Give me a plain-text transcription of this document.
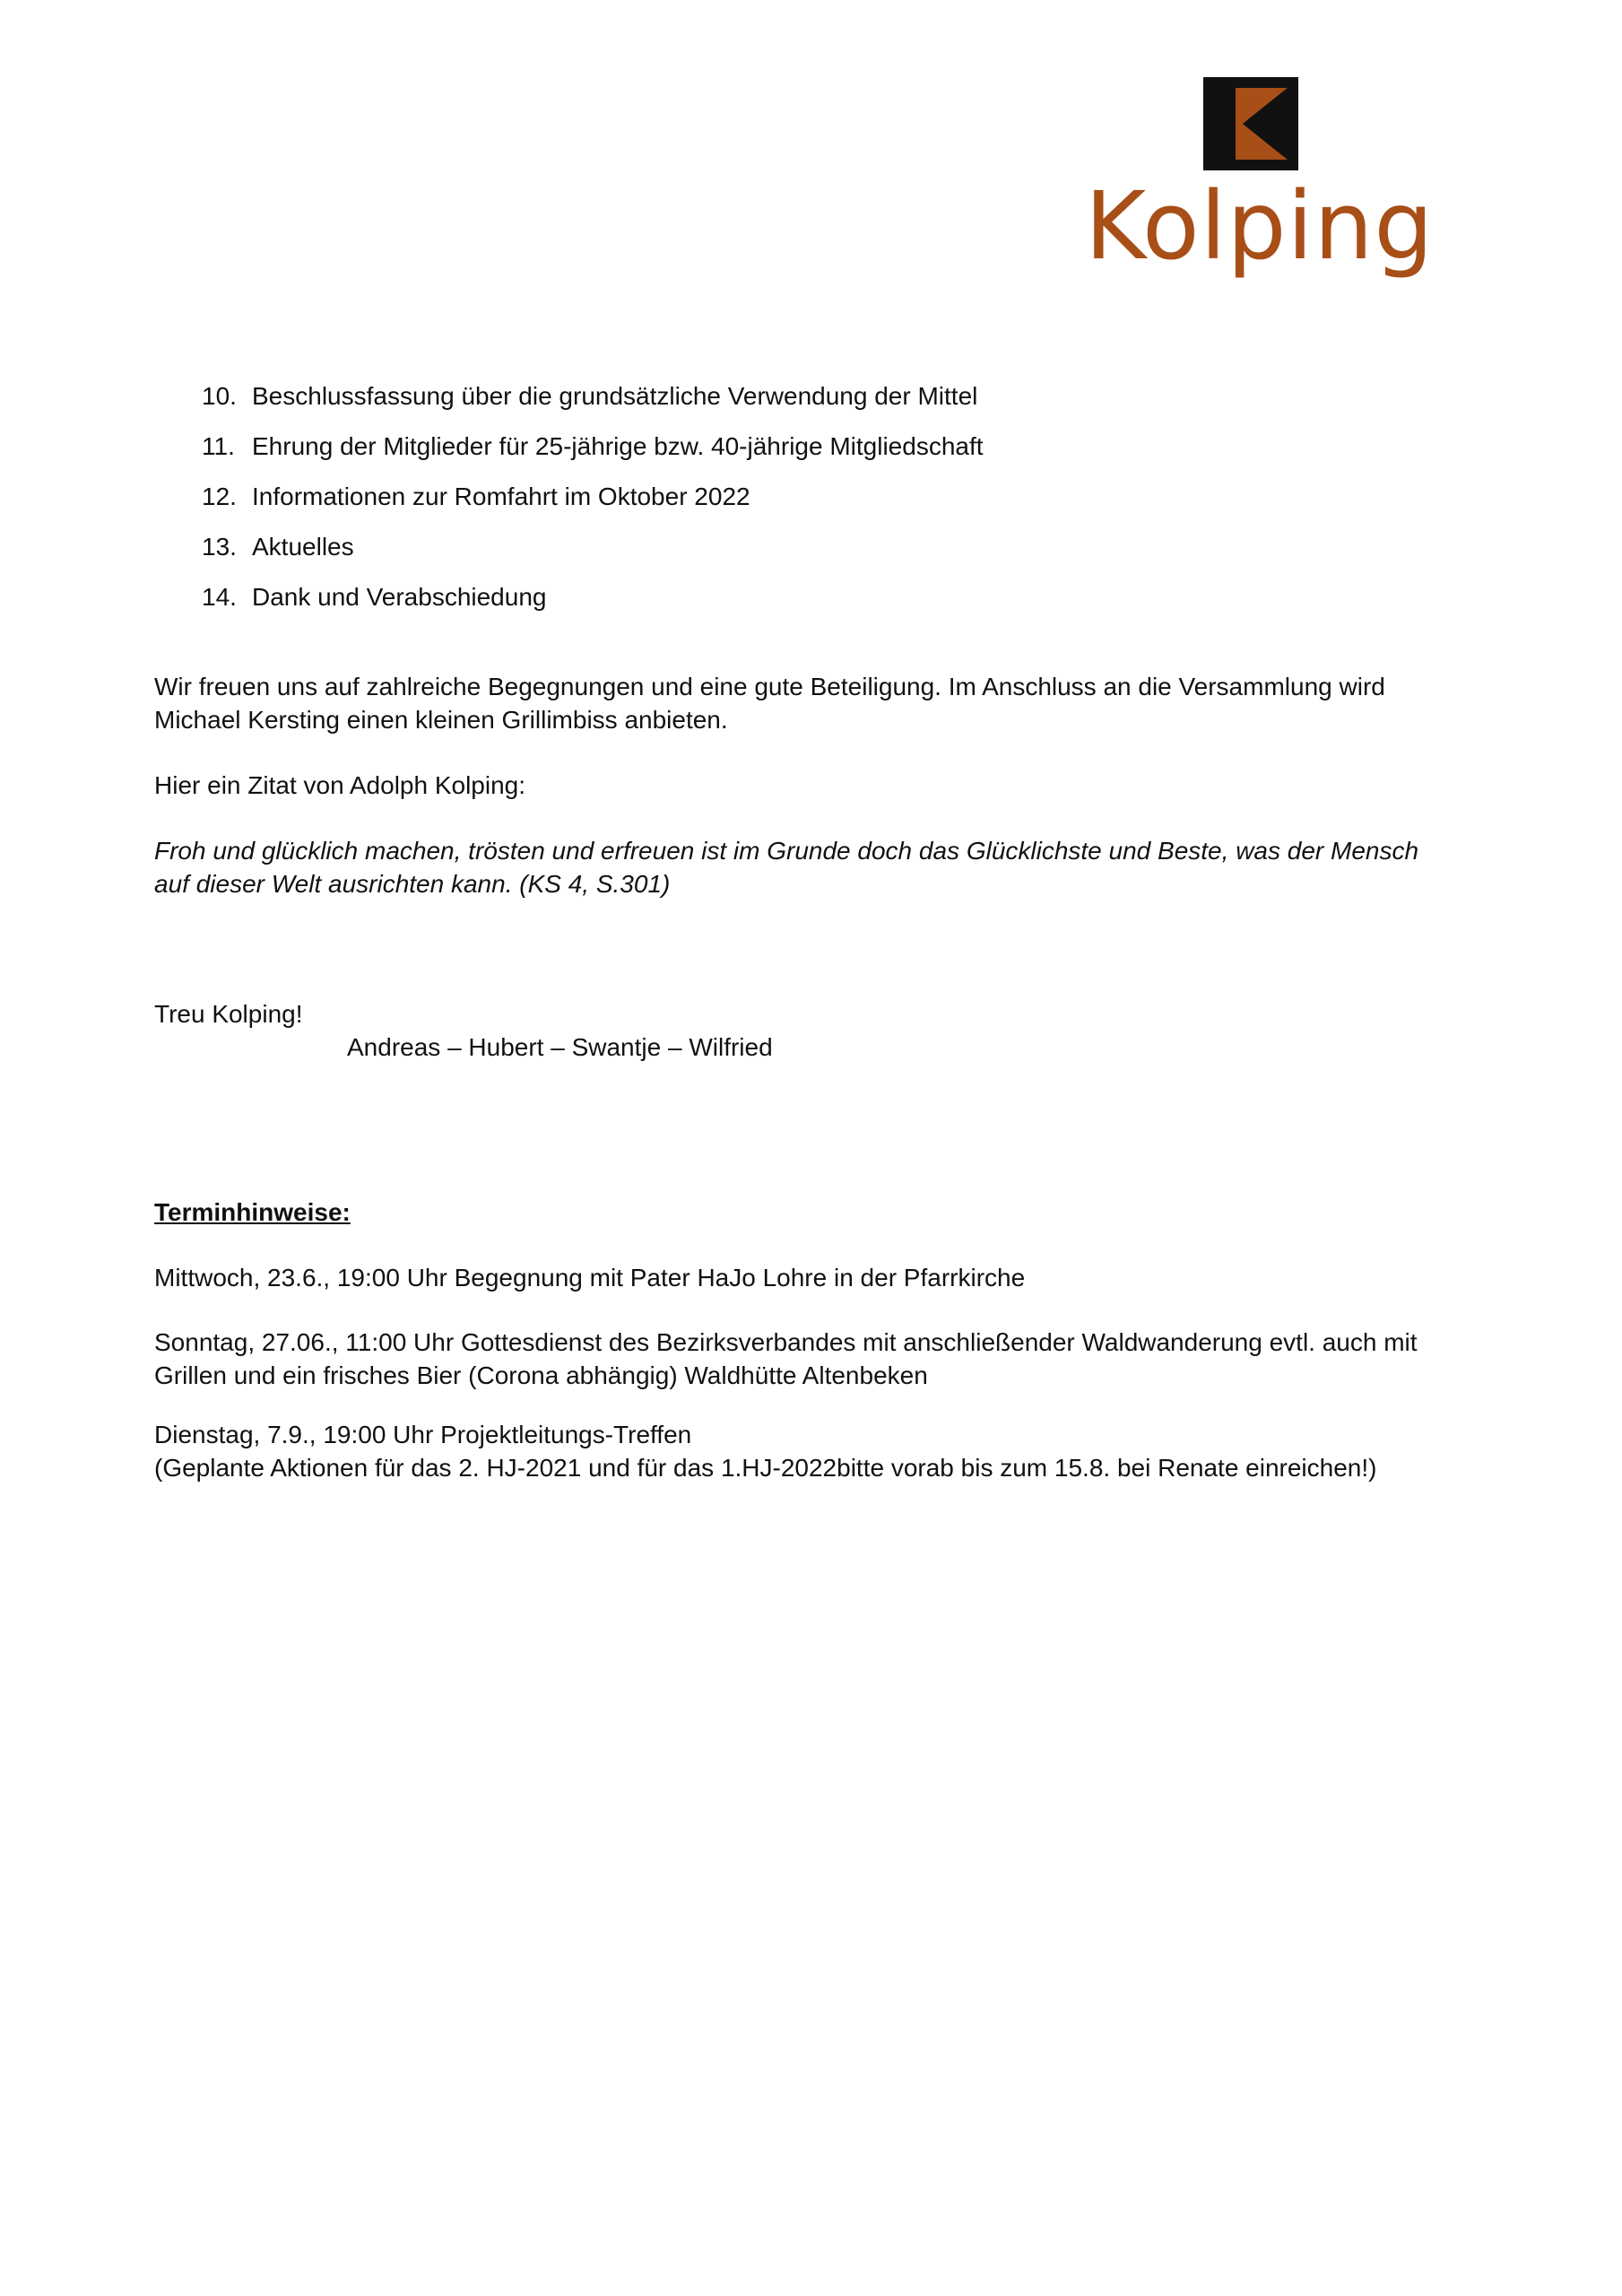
Kolping
10. Beschlussfassung über die grundsätzliche Verwendung der Mittel
11. Ehrung der Mitglieder für 25-jährige bzw. 40-jährige Mitgliedschaft
12. Informationen zur Romfahrt im Oktober 2022
13. Aktuelles
14. Dank und Verabschiedung
Wir freuen uns auf zahlreiche Begegnungen und eine gute Beteiligung. Im Anschluss an die Versammlung wird
Michael Kersting einen kleinen Grillimbiss anbieten.
Hier ein Zitat von Adolph Kolping:
Froh und glücklich machen, trösten und erfreuen ist im Grunde doch das Glücklichste und Beste, was der Mensch
auf dieser Welt ausrichten kann. (KS 4, S.301)
Treu Kolping!
Andreas – Hubert – Swantje – Wilfried
Terminhinweise:
Mittwoch, 23.6., 19:00 Uhr Begegnung mit Pater HaJo Lohre in der Pfarrkirche
Sonntag, 27.06., 11:00 Uhr Gottesdienst des Bezirksverbandes mit anschließender Waldwanderung evtl. auch mit
Grillen und ein frisches Bier (Corona abhängig) Waldhütte Altenbeken
Dienstag, 7.9., 19:00 Uhr Projektleitungs-Treffen
(Geplante Aktionen für das 2. HJ-2021 und für das 1.HJ-2022bitte vorab bis zum 15.8. bei Renate einreichen!)
